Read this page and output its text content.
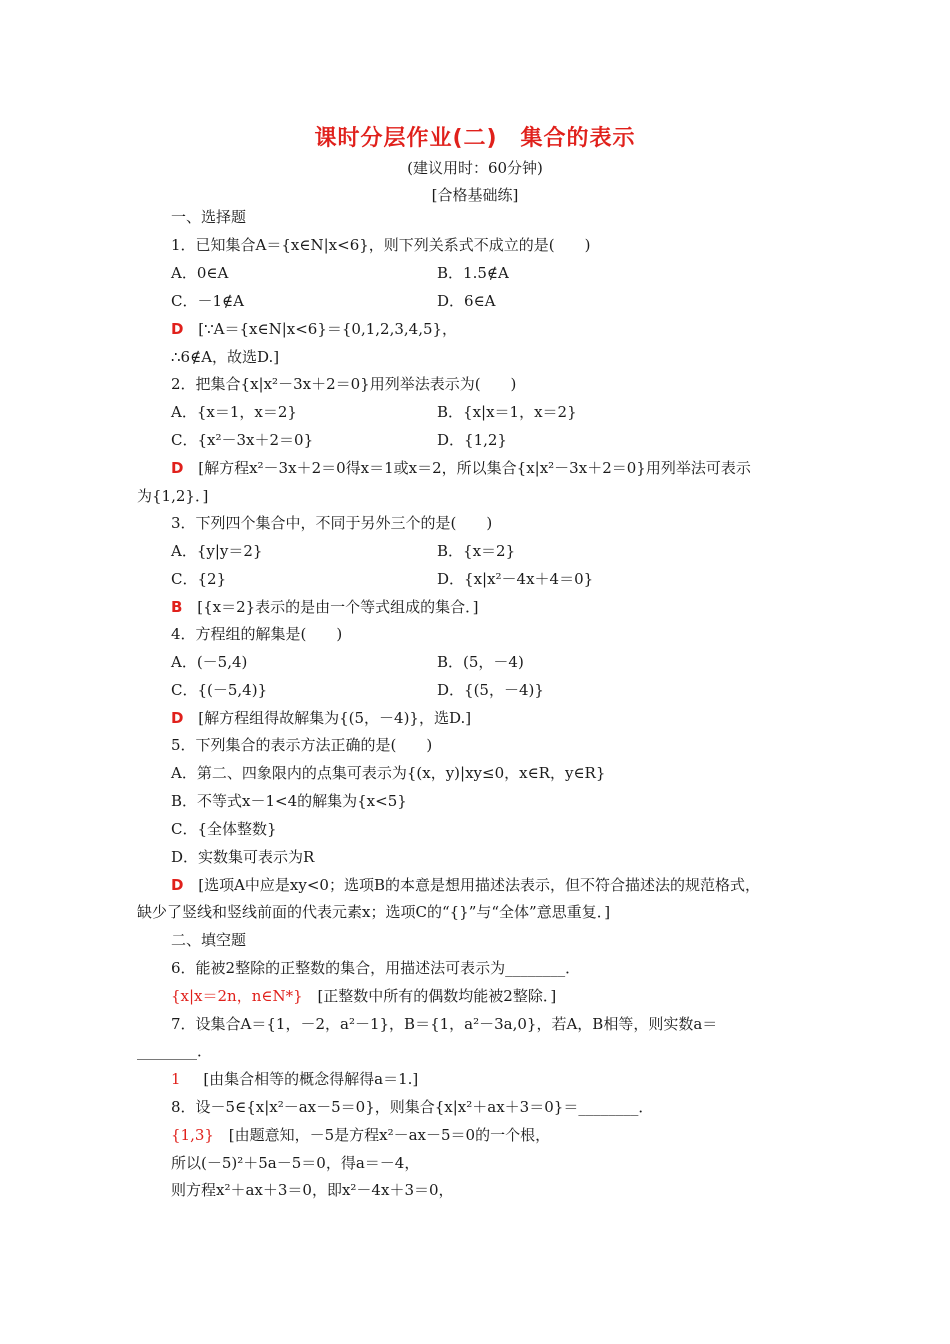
课时分层作业(二)　集合的表示
(建议用时：60分钟)
[合格基础练]
一、选择题
1．已知集合A＝{x∈N|x<6}，则下列关系式不成立的是(　　)
A．0∈A	B．1.5∉A
C．－1∉A	D．6∈A
D [∵A＝{x∈N|x<6}＝{0,1,2,3,4,5}，
∴6∉A，故选D.]
2．把集合{x|x²－3x＋2＝0}用列举法表示为(　　)
A．{x＝1，x＝2}	B．{x|x＝1，x＝2}
C．{x²－3x＋2＝0}	D．{1,2}
D [解方程x²－3x＋2＝0得x＝1或x＝2，所以集合{x|x²－3x＋2＝0}用列举法可表示
为{1,2}．]
3．下列四个集合中，不同于另外三个的是(　　)
A．{y|y＝2}	B．{x＝2}
C．{2}	D．{x|x²－4x＋4＝0}
B [{x＝2}表示的是由一个等式组成的集合．]
4．方程组的解集是(　　)
A．(－5,4)	B．(5，－4)
C．{(－5,4)}	D．{(5，－4)}
D [解方程组得故解集为{(5，－4)}，选D.]
5．下列集合的表示方法正确的是(　　)
A．第二、四象限内的点集可表示为{(x，y)|xy≤0，x∈R，y∈R}
B．不等式x－1<4的解集为{x<5}
C．{全体整数}
D．实数集可表示为R
D [选项A中应是xy<0；选项B的本意是想用描述法表示，但不符合描述法的规范格式，
缺少了竖线和竖线前面的代表元素x；选项C的“{}”与“全体”意思重复．]
二、填空题
6．能被2整除的正整数的集合，用描述法可表示为________．
{x|x＝2n，n∈N*} [正整数中所有的偶数均能被2整除．]
7．设集合A＝{1，－2，a²－1}，B＝{1，a²－3a,0}，若A，B相等，则实数a＝
________．
1 [由集合相等的概念得解得a＝1.]
8．设－5∈{x|x²－ax－5＝0}，则集合{x|x²＋ax＋3＝0}＝________．
{1,3} [由题意知，－5是方程x²－ax－5＝0的一个根，
所以(－5)²＋5a－5＝0，得a＝－4，
则方程x²＋ax＋3＝0，即x²－4x＋3＝0，
